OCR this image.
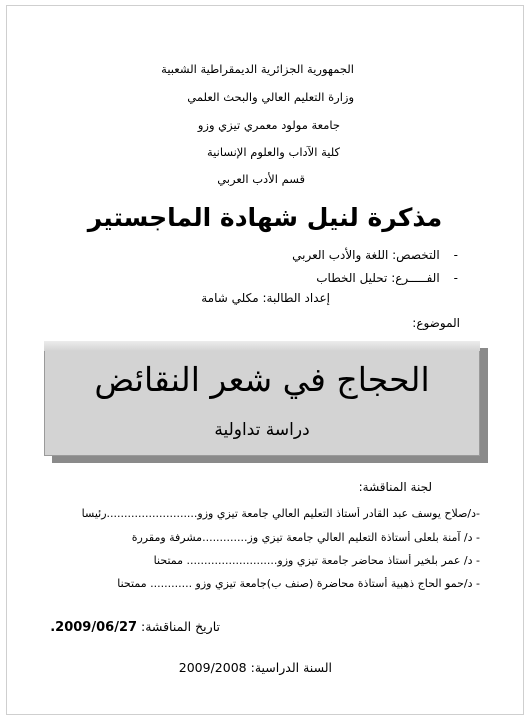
الجمهورية الجزائرية الديمقراطية الشعبية
وزارة التعليم العالي والبحث العلمي
جامعة مولود معمري تيزي وزو
كلية الآداب والعلوم الإنسانية
قسم الأدب العربي
مذكرة لنيل شهادة الماجستير
-التخصص: اللغة والأدب العربي
-الفـــــرع: تحليل الخطاب
إعداد الطالبة: مكلي شامة
الموضوع:
الحجاج في شعر النقائض
دراسة تداولية
لجنة المناقشة:
-د/صلاح يوسف عبد القادر أستاذ التعليم العالي جامعة تيزي وزو..........................رئيسا
- د/ آمنة بلعلى أستاذة التعليم العالي جامعة تيزي وز.............مشرفة ومقررة
- د/ عمر بلخير أستاذ محاضر جامعة تيزي وزو.......................... ممتحنا
- د/حمو الحاج ذهبية أستاذة محاضرة (صنف ب)جامعة تيزي وزو ............ ممتحنا
تاريخ المناقشة: 2009/06/27.
السنة الدراسية: 2009/2008
